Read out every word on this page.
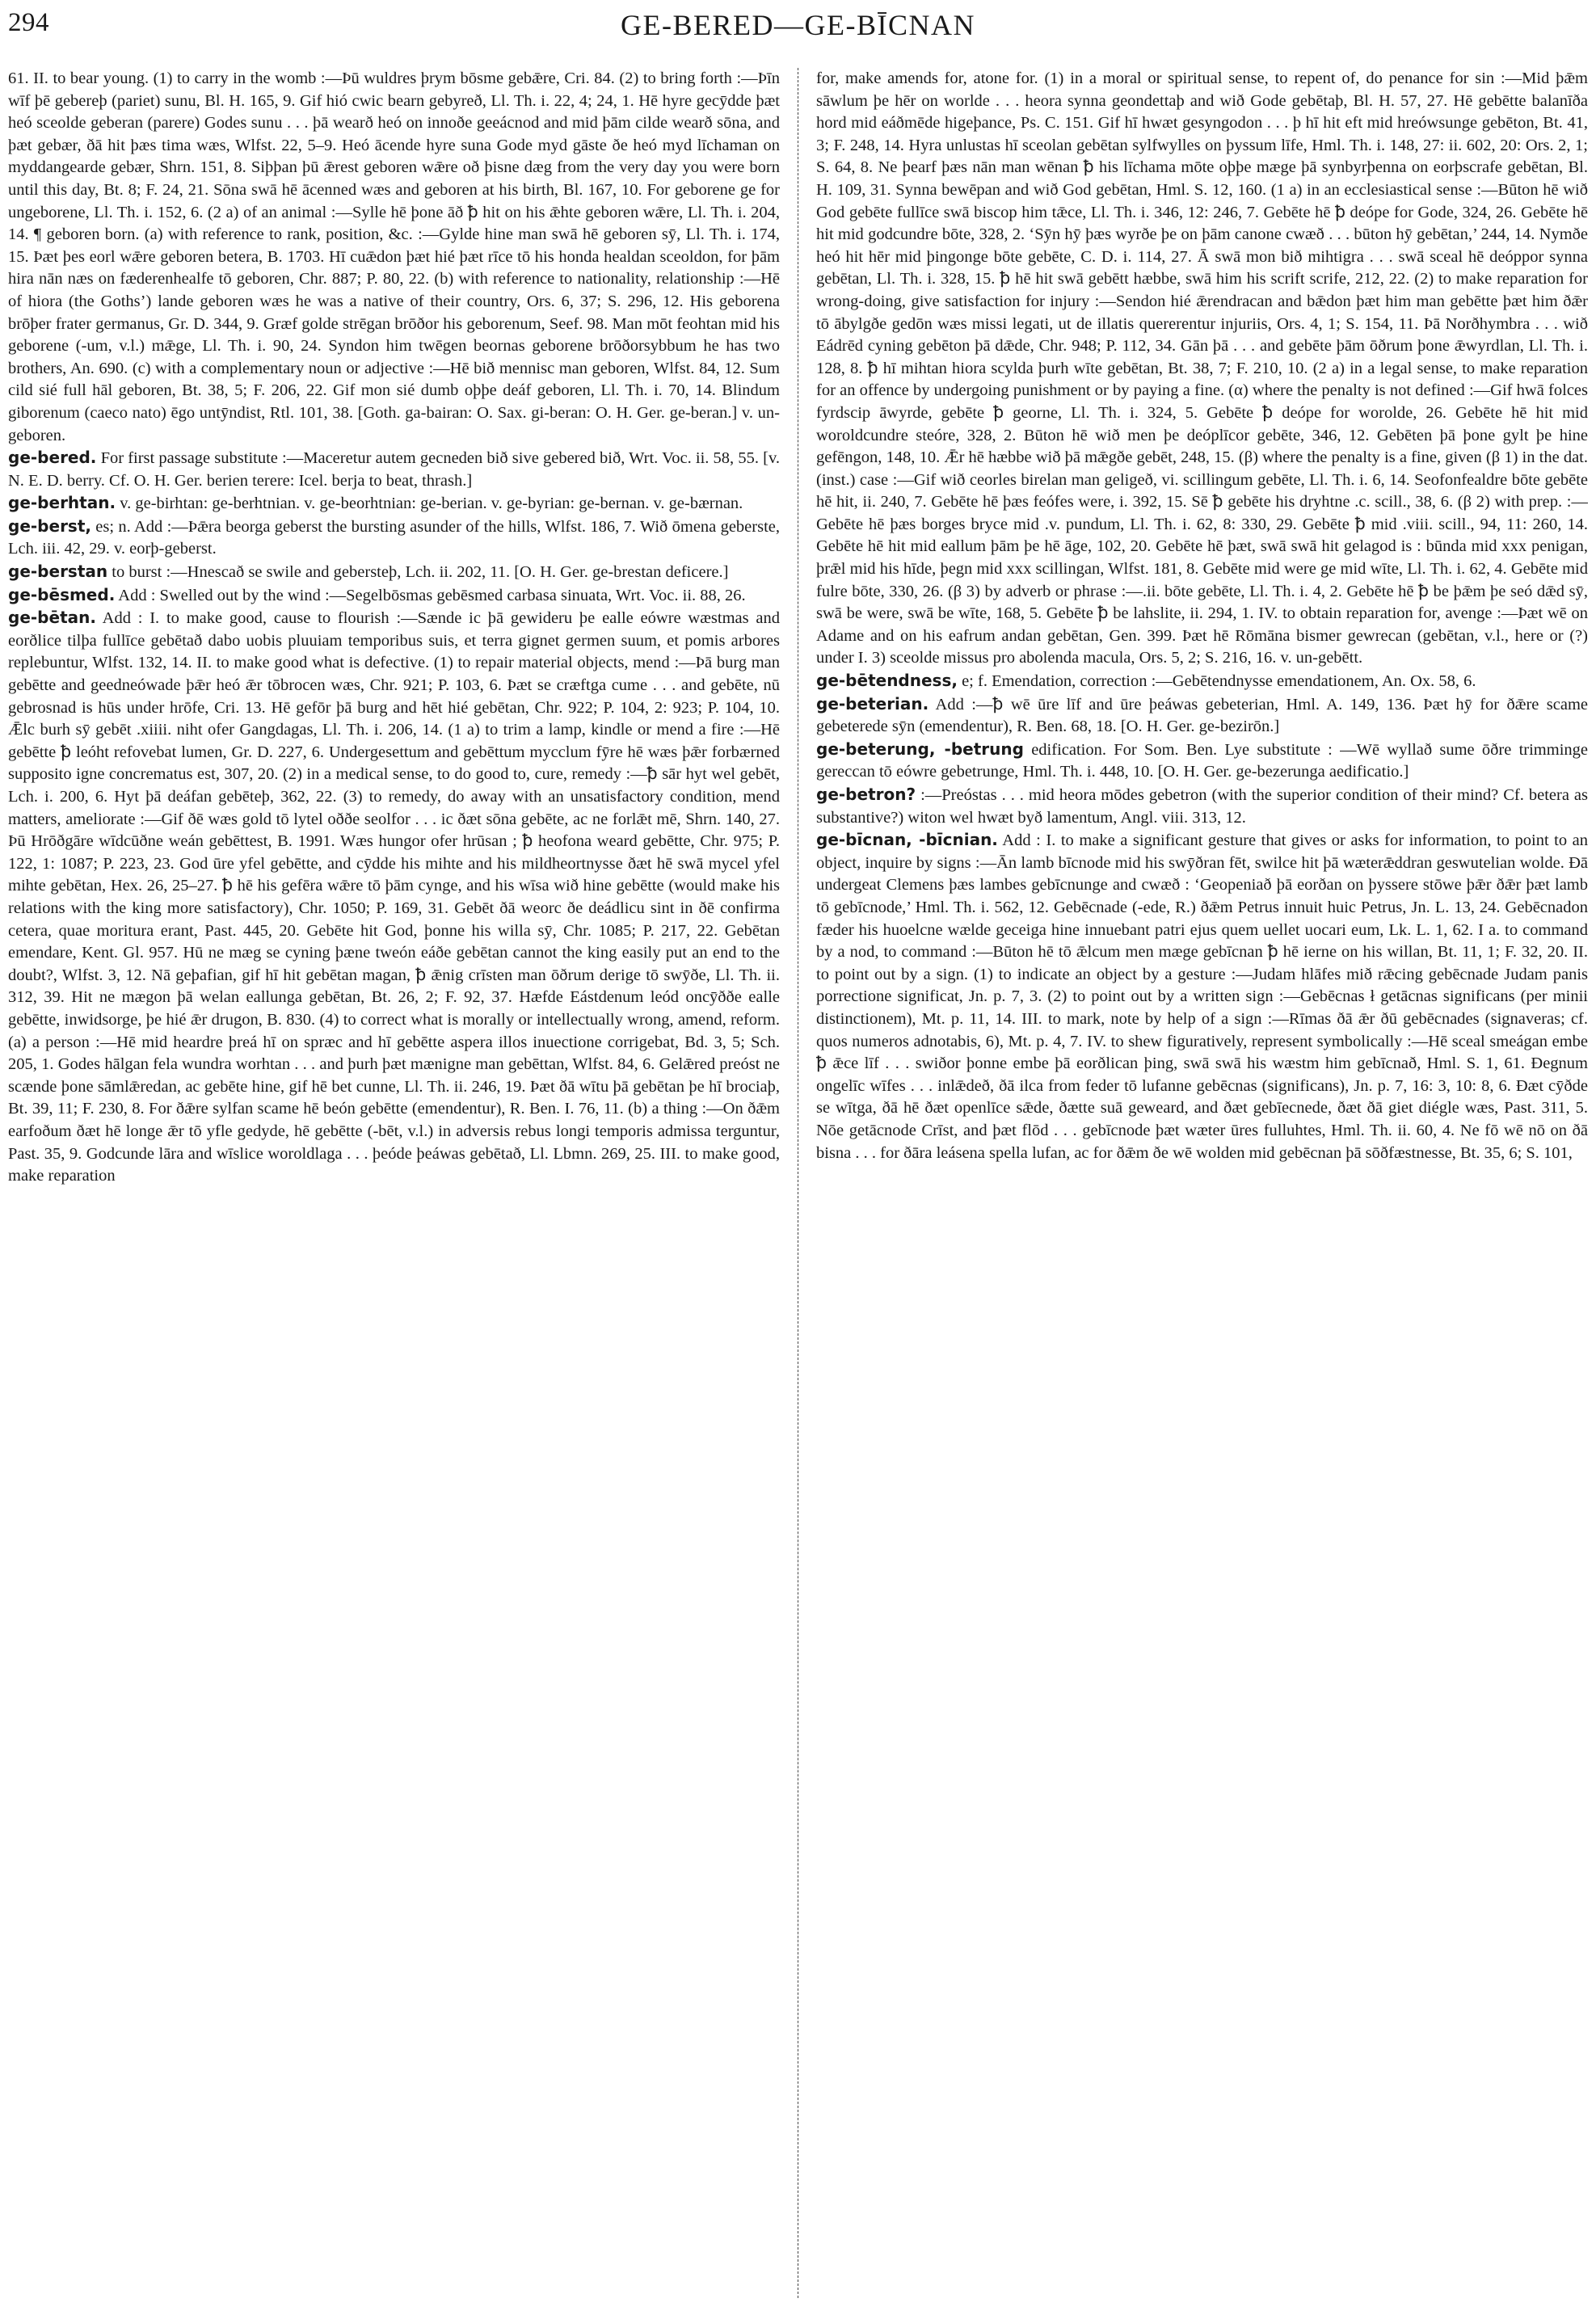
294	GE-BERED—GE-BĪCNAN

61. II. to bear young. (1) to carry in the womb :—Þū wuldres þrym bōsme gebǣre, Cri. 84. (2) to bring forth :—Þīn wīf þē gebereþ (pariet) sunu, Bl. H. 165, 9. Gif hió cwic bearn gebyreð, Ll. Th. i. 22, 4; 24, 1. Hē hyre gecȳdde þæt heó sceolde geberan (parere) Godes sunu . . . þā wearð heó on innoðe geeácnod and mid þām cilde wearð sōna, and þæt gebær, ðā hit þæs tima wæs, Wlfst. 22, 5–9. Heó ācende hyre suna Gode myd gāste ðe heó myd līchaman on myddangearde gebær, Shrn. 151, 8. Siþþan þū ǣrest geboren wǣre oð þisne dæg from the very day you were born until this day, Bt. 8; F. 24, 21. Sōna swā hē ācenned wæs and geboren at his birth, Bl. 167, 10. For geborene ge for ungeborene, Ll. Th. i. 152, 6. (2 a) of an animal :—Sylle hē þone āð ꝥ hit on his ǣhte geboren wǣre, Ll. Th. i. 204, 14. ¶ geboren born. (a) with reference to rank, position, &c. :—Gylde hine man swā hē geboren sȳ, Ll. Th. i. 174, 15. Þæt þes eorl wǣre geboren betera, B. 1703. Hī cuǣdon þæt hié þæt rīce tō his honda healdan sceoldon, for þām hira nān næs on fæderenhealfe tō geboren, Chr. 887; P. 80, 22. (b) with reference to nationality, relationship :—Hē of hiora (the Goths’) lande geboren wæs he was a native of their country, Ors. 6, 37; S. 296, 12. His geborena brōþer frater germanus, Gr. D. 344, 9. Græf golde strēgan brōðor his geborenum, Seef. 98. Man mōt feohtan mid his geborene (-um, v.l.) mǣge, Ll. Th. i. 90, 24. Syndon him twēgen beornas geborene brōðorsybbum he has two brothers, An. 690. (c) with a complementary noun or adjective :—Hē bið mennisc man geboren, Wlfst. 84, 12. Sum cild sié full hāl geboren, Bt. 38, 5; F. 206, 22. Gif mon sié dumb oþþe deáf geboren, Ll. Th. i. 70, 14. Blindum giborenum (caeco nato) ēgo untȳndist, Rtl. 101, 38. [Goth. ga-bairan: O. Sax. gi-beran: O. H. Ger. ge-beran.] v. un-geboren.

ge-bered. For first passage substitute :—Maceretur autem gecneden bið sive gebered bið, Wrt. Voc. ii. 58, 55. [v. N. E. D. berry. Cf. O. H. Ger. berien terere: Icel. berja to beat, thrash.]

ge-berhtan. v. ge-birhtan: ge-berhtnian. v. ge-beorhtnian: ge-berian. v. ge-byrian: ge-bernan. v. ge-bærnan.

ge-berst, es; n. Add :—Þǣra beorga geberst the bursting asunder of the hills, Wlfst. 186, 7. Wið ōmena geberste, Lch. iii. 42, 29. v. eorþ-geberst.

ge-berstan to burst :—Hnescað se swile and gebersteþ, Lch. ii. 202, 11. [O. H. Ger. ge-brestan deficere.]

ge-bēsmed. Add : Swelled out by the wind :—Segelbōsmas gebēsmed carbasa sinuata, Wrt. Voc. ii. 88, 26.

ge-bētan. Add : I. to make good, cause to flourish :—Sænde ic þā gewideru þe ealle eówre wæstmas and eorðlice tilþa fullīce gebētað dabo uobis pluuiam temporibus suis, et terra gignet germen suum, et pomis arbores replebuntur, Wlfst. 132, 14. II. to make good what is defective. (1) to repair material objects, mend :—Þā burg man gebētte and geedneówade þǣr heó ǣr tōbrocen wæs, Chr. 921; P. 103, 6. Þæt se cræftga cume . . . and gebēte, nū gebrosnad is hūs under hrōfe, Cri. 13. Hē gefōr þā burg and hēt hié gebētan, Chr. 922; P. 104, 2: 923; P. 104, 10. Ǣlc burh sȳ gebēt .xiiii. niht ofer Gangdagas, Ll. Th. i. 206, 14. (1 a) to trim a lamp, kindle or mend a fire :—Hē gebētte ꝥ leóht refovebat lumen, Gr. D. 227, 6. Undergesettum and gebēttum mycclum fȳre hē wæs þǣr forbærned supposito igne concrematus est, 307, 20. (2) in a medical sense, to do good to, cure, remedy :—ꝥ sār hyt wel gebēt, Lch. i. 200, 6. Hyt þā deáfan gebēteþ, 362, 22. (3) to remedy, do away with an unsatisfactory condition, mend matters, ameliorate :—Gif ðē wæs gold tō lytel oððe seolfor . . . ic ðæt sōna gebēte, ac ne forlǣt mē, Shrn. 140, 27. Þū Hrōðgāre wīdcūðne weán gebēttest, B. 1991. Wæs hungor ofer hrūsan ; ꝥ heofona weard gebētte, Chr. 975; P. 122, 1: 1087; P. 223, 23. God ūre yfel gebētte, and cȳdde his mihte and his mildheortnysse ðæt hē swā mycel yfel mihte gebētan, Hex. 26, 25–27. ꝥ hē his gefēra wǣre tō þām cynge, and his wīsa wið hine gebētte (would make his relations with the king more satisfactory), Chr. 1050; P. 169, 31. Gebēt ðā weorc ðe deádlicu sint in ðē confirma cetera, quae moritura erant, Past. 445, 20. Gebēte hit God, þonne his willa sȳ, Chr. 1085; P. 217, 22. Gebētan emendare, Kent. Gl. 957. Hū ne mæg se cyning þæne tweón eáðe gebētan cannot the king easily put an end to the doubt?, Wlfst. 3, 12. Nā geþafian, gif hī hit gebētan magan, ꝥ ǣnig crīsten man ōðrum derige tō swȳðe, Ll. Th. ii. 312, 39. Hit ne mægon þā welan eallunga gebētan, Bt. 26, 2; F. 92, 37. Hæfde Eástdenum leód oncȳððe ealle gebētte, inwidsorge, þe hié ǣr drugon, B. 830. (4) to correct what is morally or intellectually wrong, amend, reform. (a) a person :—Hē mid heardre þreá hī on spræc and hī gebētte aspera illos inuectione corrigebat, Bd. 3, 5; Sch. 205, 1. Godes hālgan fela wundra worhtan . . . and þurh þæt mænigne man gebēttan, Wlfst. 84, 6. Gelǣred preóst ne scænde þone sāmlǣredan, ac gebēte hine, gif hē bet cunne, Ll. Th. ii. 246, 19. Þæt ðā wītu þā gebētan þe hī brociaþ, Bt. 39, 11; F. 230, 8. For ðǣre sylfan scame hē beón gebētte (emendentur), R. Ben. I. 76, 11. (b) a thing :—On ðǣm earfoðum ðæt hē longe ǣr tō yfle gedyde, hē gebētte (-bēt, v.l.) in adversis rebus longi temporis admissa terguntur, Past. 35, 9. Godcunde lāra and wīslice woroldlaga . . . þeóde þeáwas gebētað, Ll. Lbmn. 269, 25. III. to make good, make reparation

for, make amends for, atone for. (1) in a moral or spiritual sense, to repent of, do penance for sin :—Mid þǣm sāwlum þe hēr on worlde . . . heora synna geondettaþ and wið Gode gebētaþ, Bl. H. 57, 27. Hē gebētte balanīða hord mid eáðmēde higeþance, Ps. C. 151. Gif hī hwæt gesyngodon . . . þ hī hit eft mid hreówsunge gebēton, Bt. 41, 3; F. 248, 14. Hyra unlustas hī sceolan gebētan sylfwylles on þyssum līfe, Hml. Th. i. 148, 27: ii. 602, 20: Ors. 2, 1; S. 64, 8. Ne þearf þæs nān man wēnan ꝥ his līchama mōte oþþe mæge þā synbyrþenna on eorþscrafe gebētan, Bl. H. 109, 31. Synna bewēpan and wið God gebētan, Hml. S. 12, 160. (1 a) in an ecclesiastical sense :—Būton hē wið God gebēte fullīce swā biscop him tǣce, Ll. Th. i. 346, 12: 246, 7. Gebēte hē ꝥ deópe for Gode, 324, 26. Gebēte hē hit mid godcundre bōte, 328, 2. ‘Sȳn hȳ þæs wyrðe þe on þām canone cwæð . . . būton hȳ gebētan,’ 244, 14. Nymðe heó hit hēr mid þingonge bōte gebēte, C. D. i. 114, 27. Ā swā mon bið mihtigra . . . swā sceal hē deóppor synna gebētan, Ll. Th. i. 328, 15. ꝥ hē hit swā gebētt hæbbe, swā him his scrift scrife, 212, 22. (2) to make reparation for wrong-doing, give satisfaction for injury :—Sendon hié ǣrendracan and bǣdon þæt him man gebētte þæt him ðǣr tō ābylgðe gedōn wæs missi legati, ut de illatis quererentur injuriis, Ors. 4, 1; S. 154, 11. Þā Norðhymbra . . . wið Eádrēd cyning gebēton þā dǣde, Chr. 948; P. 112, 34. Gān þā . . . and gebēte þām ōðrum þone ǣwyrdlan, Ll. Th. i. 128, 8. ꝥ hī mihtan hiora scylda þurh wīte gebētan, Bt. 38, 7; F. 210, 10. (2 a) in a legal sense, to make reparation for an offence by undergoing punishment or by paying a fine. (α) where the penalty is not defined :—Gif hwā folces fyrdscip āwyrde, gebēte ꝥ georne, Ll. Th. i. 324, 5. Gebēte ꝥ deópe for worolde, 26. Gebēte hē hit mid woroldcundre steóre, 328, 2. Būton hē wið men þe deóplīcor gebēte, 346, 12. Gebēten þā þone gylt þe hine gefēngon, 148, 10. Ǣr hē hæbbe wið þā mǣgðe gebēt, 248, 15. (β) where the penalty is a fine, given (β 1) in the dat. (inst.) case :—Gif wið ceorles birelan man geligeð, vi. scillingum gebēte, Ll. Th. i. 6, 14. Seofonfealdre bōte gebēte hē hit, ii. 240, 7. Gebēte hē þæs feófes were, i. 392, 15. Sē ꝥ gebēte his dryhtne .c. scill., 38, 6. (β 2) with prep. :—Gebēte hē þæs borges bryce mid .v. pundum, Ll. Th. i. 62, 8: 330, 29. Gebēte ꝥ mid .viii. scill., 94, 11: 260, 14. Gebēte hē hit mid eallum þām þe hē āge, 102, 20. Gebēte hē þæt, swā swā hit gelagod is : būnda mid xxx penigan, þrǣl mid his hīde, þegn mid xxx scillingan, Wlfst. 181, 8. Gebēte mid were ge mid wīte, Ll. Th. i. 62, 4. Gebēte mid fulre bōte, 330, 26. (β 3) by adverb or phrase :—.ii. bōte gebēte, Ll. Th. i. 4, 2. Gebēte hē ꝥ be þǣm þe seó dǣd sȳ, swā be were, swā be wīte, 168, 5. Gebēte ꝥ be lahslite, ii. 294, 1. IV. to obtain reparation for, avenge :—Þæt wē on Adame and on his eafrum andan gebētan, Gen. 399. Þæt hē Rōmāna bismer gewrecan (gebētan, v.l., here or (?) under I. 3) sceolde missus pro abolenda macula, Ors. 5, 2; S. 216, 16. v. un-gebētt.

ge-bētendness, e; f. Emendation, correction :—Gebētendnysse emendationem, An. Ox. 58, 6.

ge-beterian. Add :—ꝥ wē ūre līf and ūre þeáwas gebeterian, Hml. A. 149, 136. Þæt hȳ for ðǣre scame gebeterede sȳn (emendentur), R. Ben. 68, 18. [O. H. Ger. ge-bezirōn.]

ge-beterung, -betrung edification. For Som. Ben. Lye substitute : —Wē wyllað sume ōðre trimminge gereccan tō eówre gebetrunge, Hml. Th. i. 448, 10. [O. H. Ger. ge-bezerunga aedificatio.]

ge-betron? :—Preóstas . . . mid heora mōdes gebetron (with the superior condition of their mind? Cf. betera as substantive?) witon wel hwæt byð lamentum, Angl. viii. 313, 12.

ge-bīcnan, -bīcnian. Add : I. to make a significant gesture that gives or asks for information, to point to an object, inquire by signs :—Ān lamb bīcnode mid his swȳðran fēt, swilce hit þā wæterǣddran geswutelian wolde. Ðā undergeat Clemens þæs lambes gebīcnunge and cwæð : ‘Geopeniað þā eorðan on þyssere stōwe þǣr ðǣr þæt lamb tō gebīcnode,’ Hml. Th. i. 562, 12. Gebēcnade (-ede, R.) ðǣm Petrus innuit huic Petrus, Jn. L. 13, 24. Gebēcnadon fæder his huoelcne wælde geceiga hine innuebant patri ejus quem uellet uocari eum, Lk. L. 1, 62. I a. to command by a nod, to command :—Būton hē tō ǣlcum men mæge gebīcnan ꝥ hē ierne on his willan, Bt. 11, 1; F. 32, 20. II. to point out by a sign. (1) to indicate an object by a gesture :—Judam hlāfes mið rǣcing gebēcnade Judam panis porrectione significat, Jn. p. 7, 3. (2) to point out by a written sign :—Gebēcnas ł getācnas significans (per minii distinctionem), Mt. p. 11, 14. III. to mark, note by help of a sign :—Rīmas ðā ǣr ðū gebēcnades (signaveras; cf. quos numeros adnotabis, 6), Mt. p. 4, 7. IV. to shew figuratively, represent symbolically :—Hē sceal smeágan embe ꝥ ǣce līf . . . swiðor þonne embe þā eorðlican þing, swā swā his wæstm him gebīcnað, Hml. S. 1, 61. Ðegnum ongelīc wīfes . . . inlǣdeð, ðā ilca from feder tō lufanne gebēcnas (significans), Jn. p. 7, 16: 3, 10: 8, 6. Ðæt cȳðde se wītga, ðā hē ðæt openlīce sǣde, ðætte suā geweard, and ðæt gebīecnede, ðæt ðā giet diégle wæs, Past. 311, 5. Nōe getācnode Crīst, and þæt flōd . . . gebīcnode þæt wæter ūres fulluhtes, Hml. Th. ii. 60, 4. Ne fō wē nō on ðā bisna . . . for ðāra leásena spella lufan, ac for ðǣm ðe wē wolden mid gebēcnan þā sōðfæstnesse, Bt. 35, 6; S. 101,
